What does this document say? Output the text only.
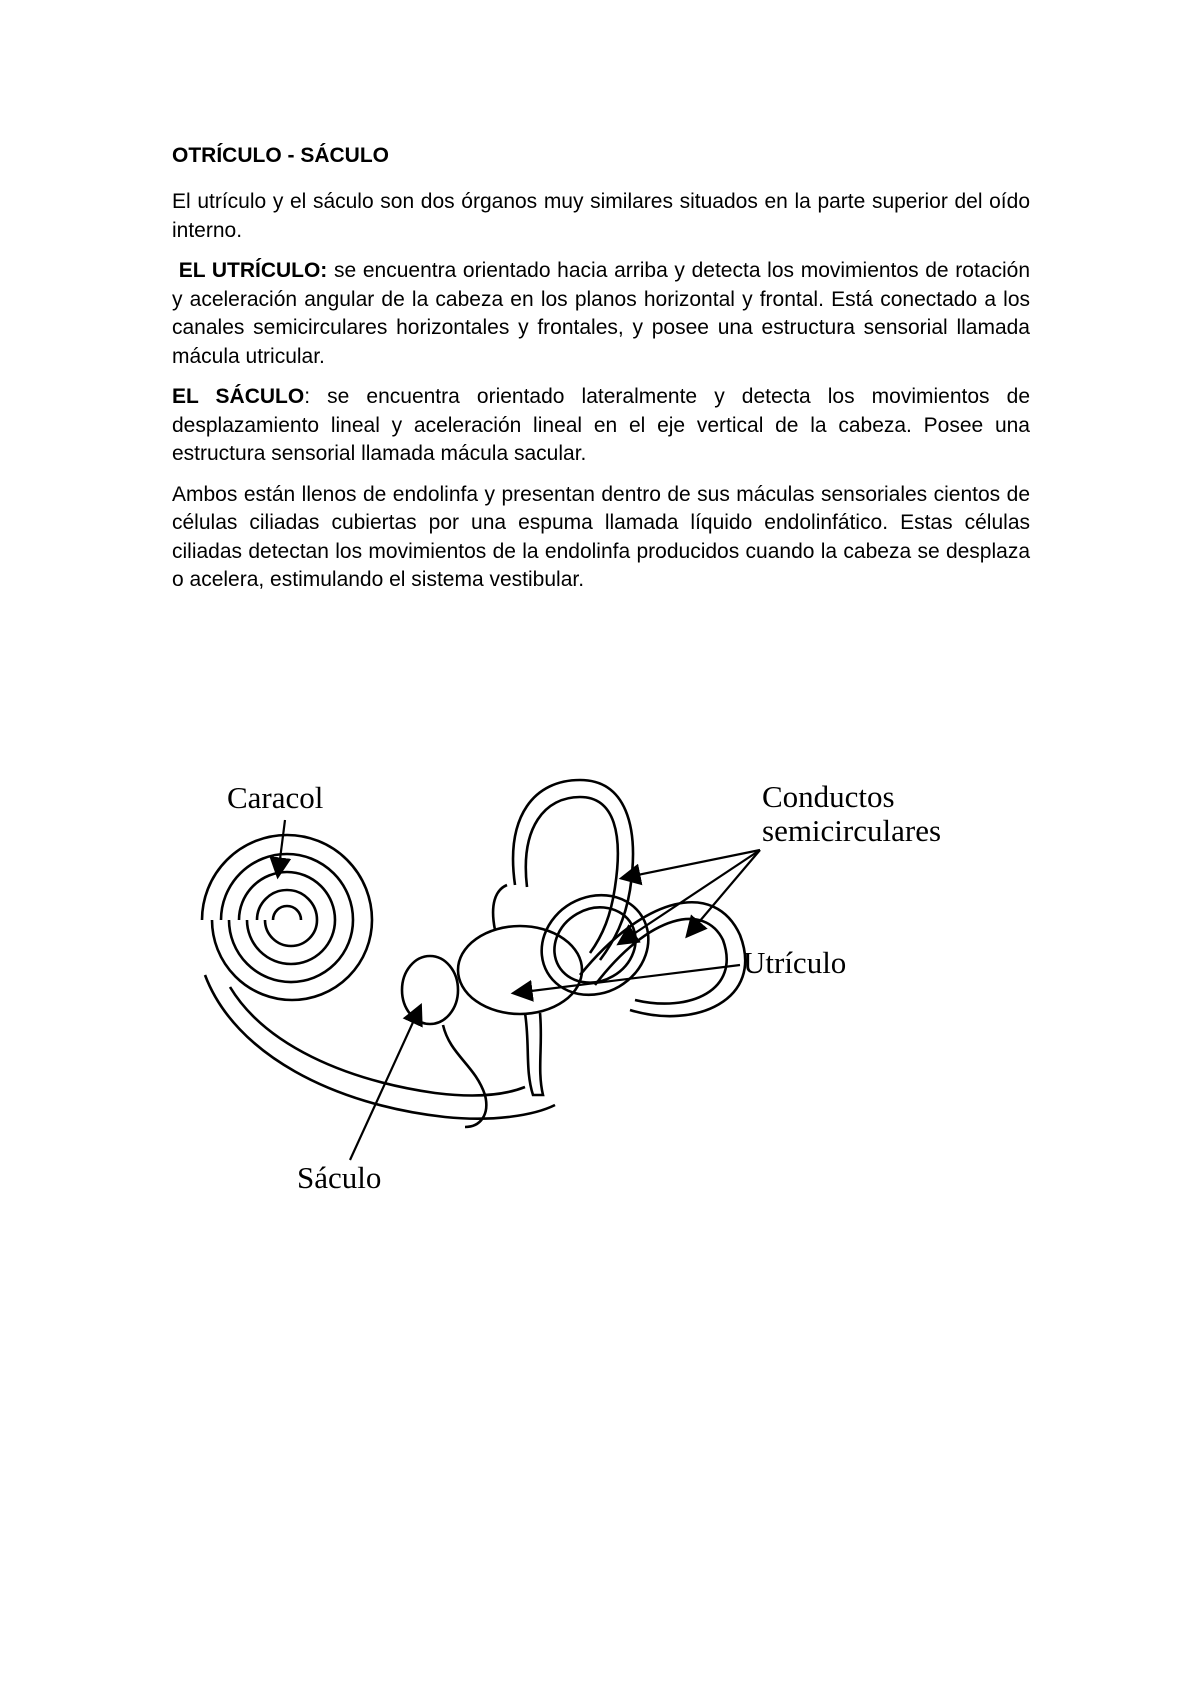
OTRÍCULO - SÁCULO

El utrículo y el sáculo son dos órganos muy similares situados en la parte superior del oído interno.

EL UTRÍCULO: se encuentra orientado hacia arriba y detecta los movimientos de rotación y aceleración angular de la cabeza en los planos horizontal y frontal. Está conectado a los canales semicirculares horizontales y frontales, y posee una estructura sensorial llamada mácula utricular.

EL SÁCULO: se encuentra orientado lateralmente y detecta los movimientos de desplazamiento lineal y aceleración lineal en el eje vertical de la cabeza. Posee una estructura sensorial llamada mácula sacular.

Ambos están llenos de endolinfa y presentan dentro de sus máculas sensoriales cientos de células ciliadas cubiertas por una espuma llamada líquido endolinfático. Estas células ciliadas detectan los movimientos de la endolinfa producidos cuando la cabeza se desplaza o acelera, estimulando el sistema vestibular.

Caracol	Conductos
semicirculares
Utrículo
Sáculo
